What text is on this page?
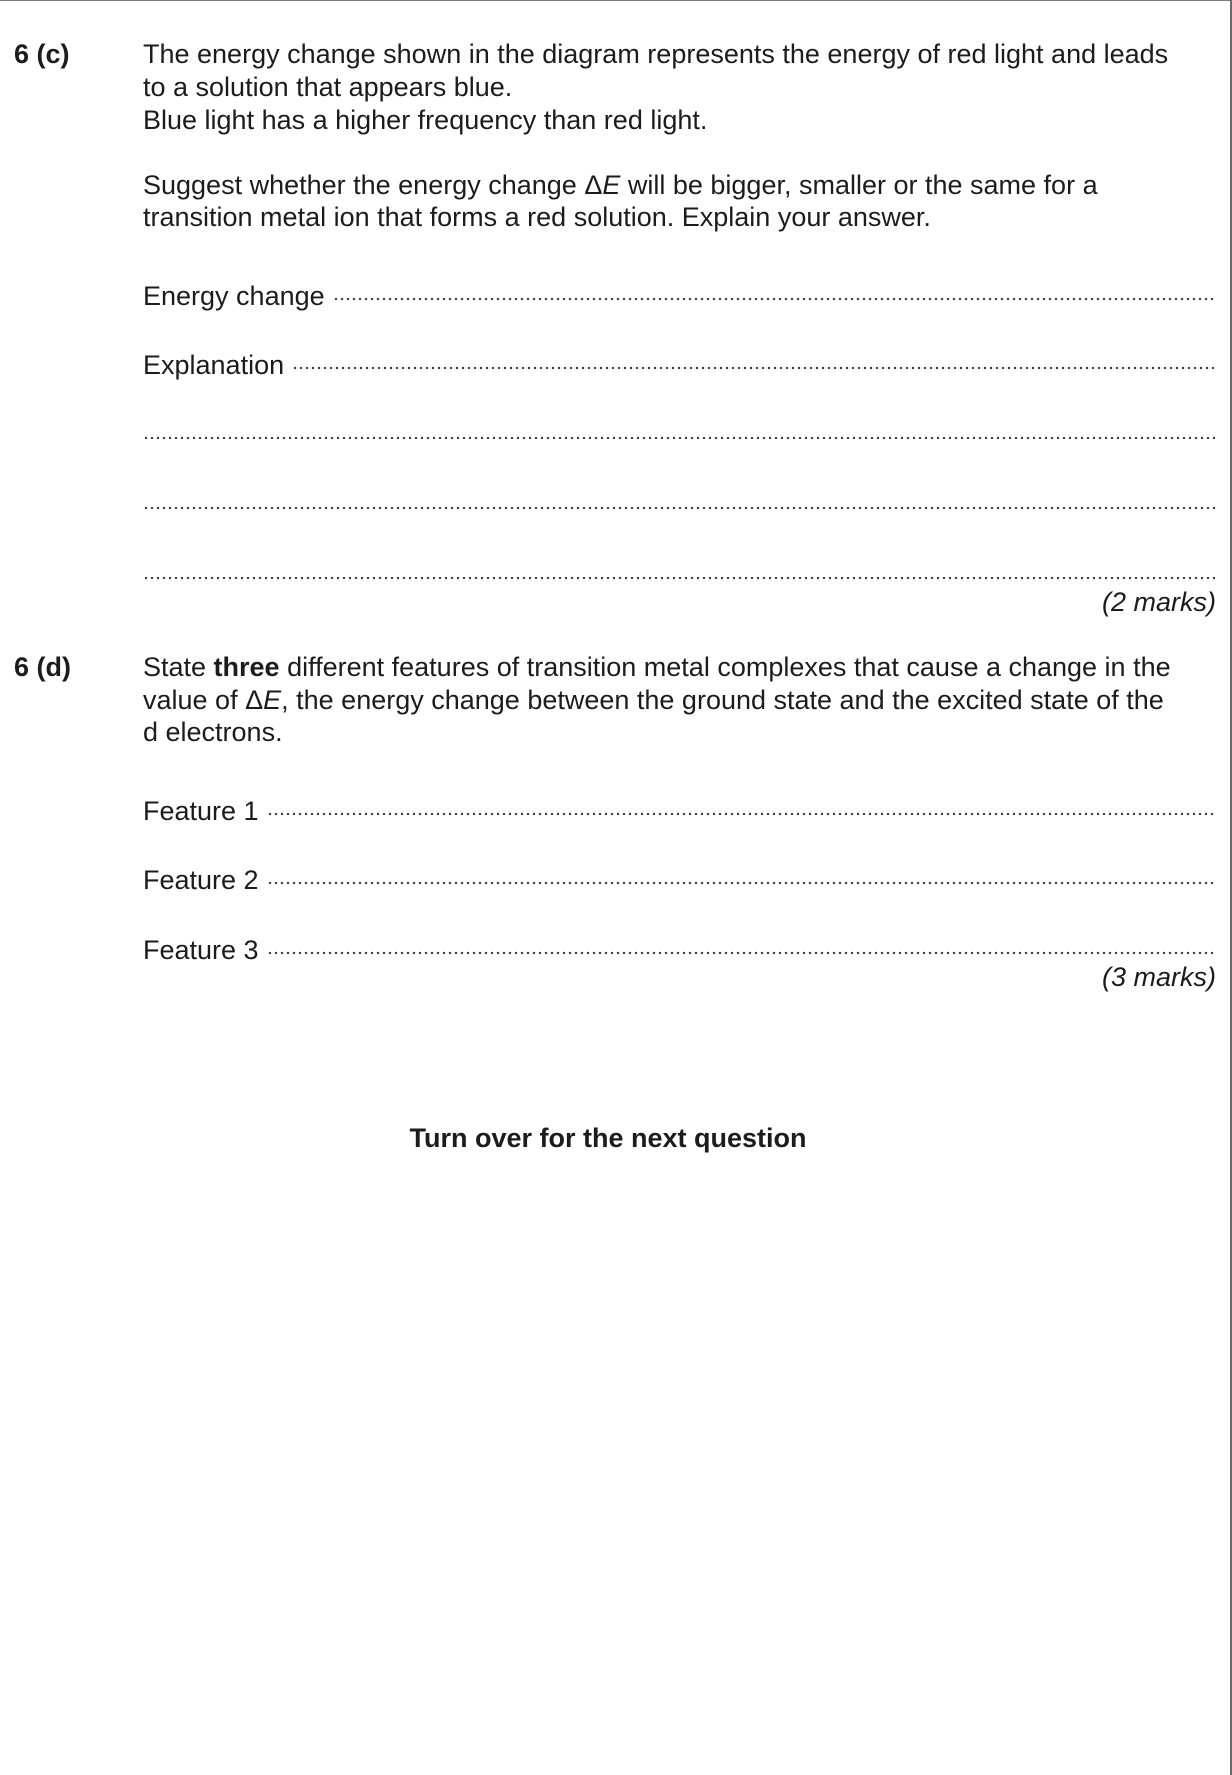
6 (c)	The energy change shown in the diagram represents the energy of red light and leads
to a solution that appears blue.
Blue light has a higher frequency than red light.
Suggest whether the energy change ΔE will be bigger, smaller or the same for a
transition metal ion that forms a red solution. Explain your answer.
Energy change
Explanation
(2 marks)
6 (d)	State three different features of transition metal complexes that cause a change in the
value of ΔE, the energy change between the ground state and the excited state of the
d electrons.
Feature 1
Feature 2
Feature 3
(3 marks)
Turn over for the next question
